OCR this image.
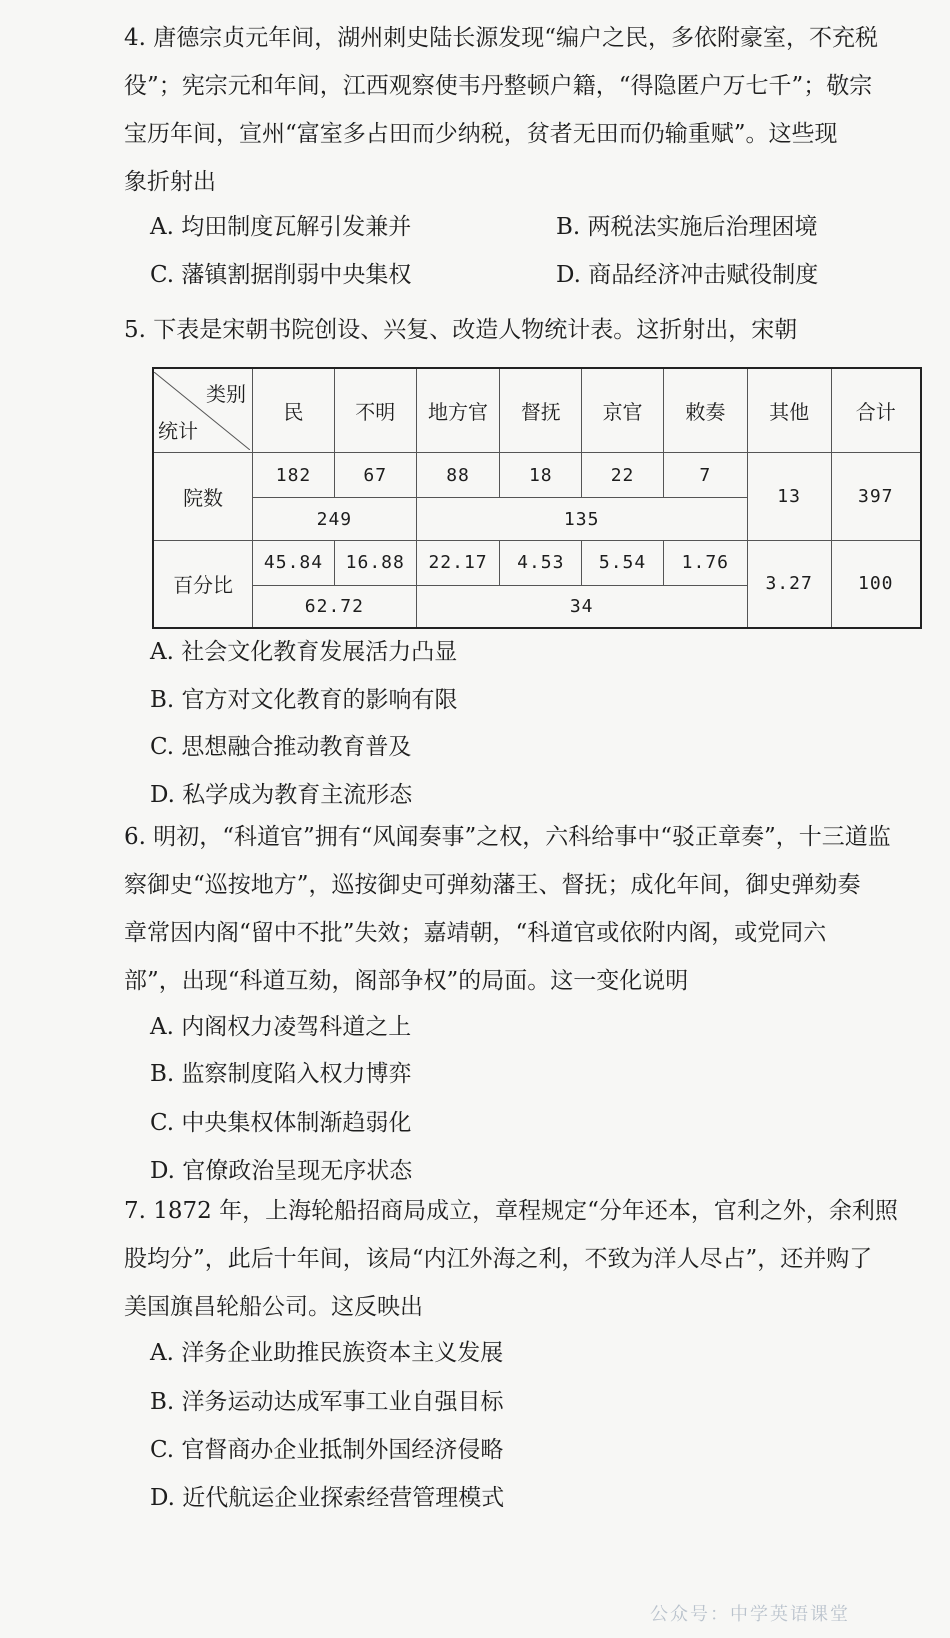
4. 唐德宗贞元年间，湖州刺史陆长源发现“编户之民，多依附豪室，不充税

役”；宪宗元和年间，江西观察使韦丹整顿户籍，“得隐匿户万七千”；敬宗

宝历年间，宣州“富室多占田而少纳税，贫者无田而仍输重赋”。这些现

象折射出

A. 均田制度瓦解引发兼并	B. 两税法实施后治理困境
C. 藩镇割据削弱中央集权	D. 商品经济冲击赋役制度

5. 下表是宋朝书院创设、兴复、改造人物统计表。这折射出，宋朝

类别
统计	民	不明	地方官	督抚	京官	敕奏	其他	合计
院数	182	67	88	18	22	7	13	397
	249		135					
百分比	45.84	16.88	22.17	4.53	5.54	1.76	3.27	100
	62.72		34					
A. 社会文化教育发展活力凸显
B. 官方对文化教育的影响有限
C. 思想融合推动教育普及
D. 私学成为教育主流形态

6. 明初，“科道官”拥有“风闻奏事”之权，六科给事中“驳正章奏”，十三道监

察御史“巡按地方”，巡按御史可弹劾藩王、督抚；成化年间，御史弹劾奏

章常因内阁“留中不批”失效；嘉靖朝，“科道官或依附内阁，或党同六

部”，出现“科道互劾，阁部争权”的局面。这一变化说明

A. 内阁权力凌驾科道之上
B. 监察制度陷入权力博弈
C. 中央集权体制渐趋弱化
D. 官僚政治呈现无序状态

7. 1872 年，上海轮船招商局成立，章程规定“分年还本，官利之外，余利照

股均分”，此后十年间，该局“内江外海之利，不致为洋人尽占”，还并购了

美国旗昌轮船公司。这反映出

A. 洋务企业助推民族资本主义发展
B. 洋务运动达成军事工业自强目标
C. 官督商办企业抵制外国经济侵略
D. 近代航运企业探索经营管理模式
公众号：中学英语课堂
